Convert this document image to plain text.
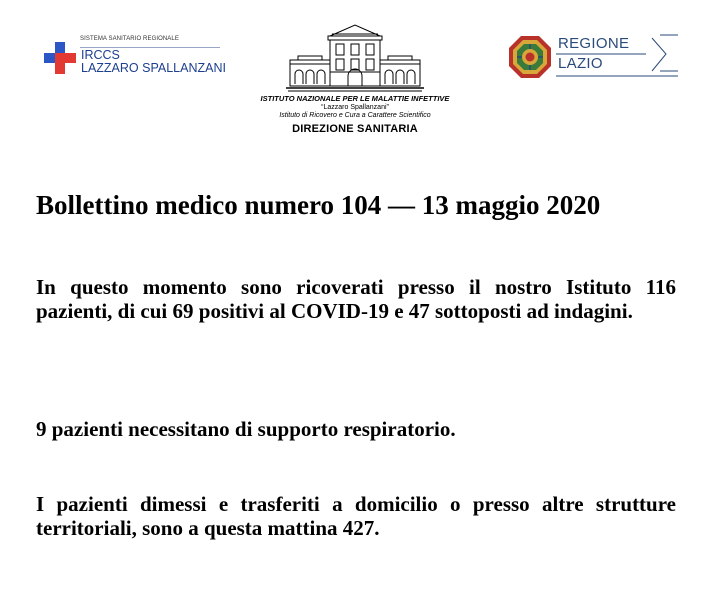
SISTEMA SANITARIO REGIONALE
IRCCS
LAZZARO SPALLANZANI
ISTITUTO NAZIONALE PER LE MALATTIE INFETTIVE
“Lazzaro Spallanzani”
Istituto di Ricovero e Cura a Carattere Scientifico
DIREZIONE SANITARIA
REGIONE
LAZIO
Bollettino medico numero 104 — 13 maggio 2020
In questo momento sono ricoverati presso il nostro Istituto 116 pazienti, di cui 69 positivi al COVID-19 e 47 sottoposti ad indagini.
9 pazienti necessitano di supporto respiratorio.
I pazienti dimessi e trasferiti a domicilio o presso altre strutture territoriali, sono a questa mattina 427.
